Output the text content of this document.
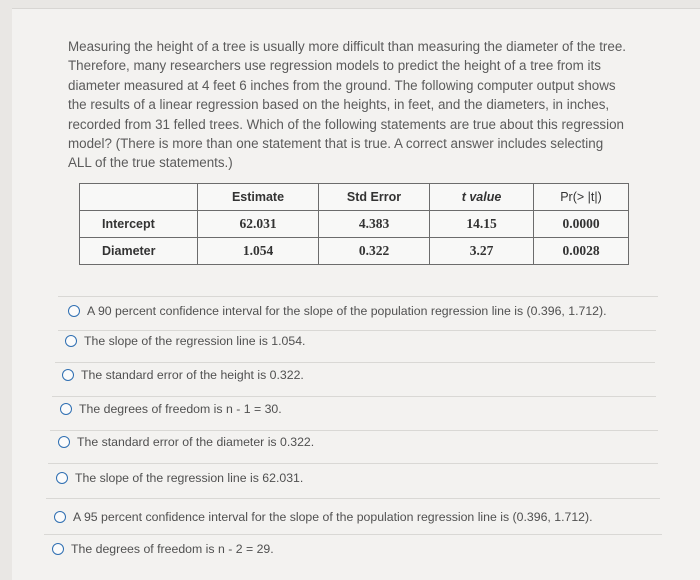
Measuring the height of a tree is usually more difficult than measuring the diameter of the tree. Therefore, many researchers use regression models to predict the height of a tree from its diameter measured at 4 feet 6 inches from the ground. The following computer output shows the results of a linear regression based on the heights, in feet, and the diameters, in inches, recorded from 31 felled trees. Which of the following statements are true about this regression model? (There is more than one statement that is true. A correct answer includes selecting ALL of the true statements.)
	Estimate	Std Error	t value	Pr(> |t|)
Intercept	62.031	4.383	14.15	0.0000
Diameter	1.054	0.322	3.27	0.0028
A 90 percent confidence interval for the slope of the population regression line is (0.396, 1.712).
The slope of the regression line is 1.054.
The standard error of the height is 0.322.
The degrees of freedom is n - 1 = 30.
The standard error of the diameter is 0.322.
The slope of the regression line is 62.031.
A 95 percent confidence interval for the slope of the population regression line is (0.396, 1.712).
The degrees of freedom is n - 2 = 29.
